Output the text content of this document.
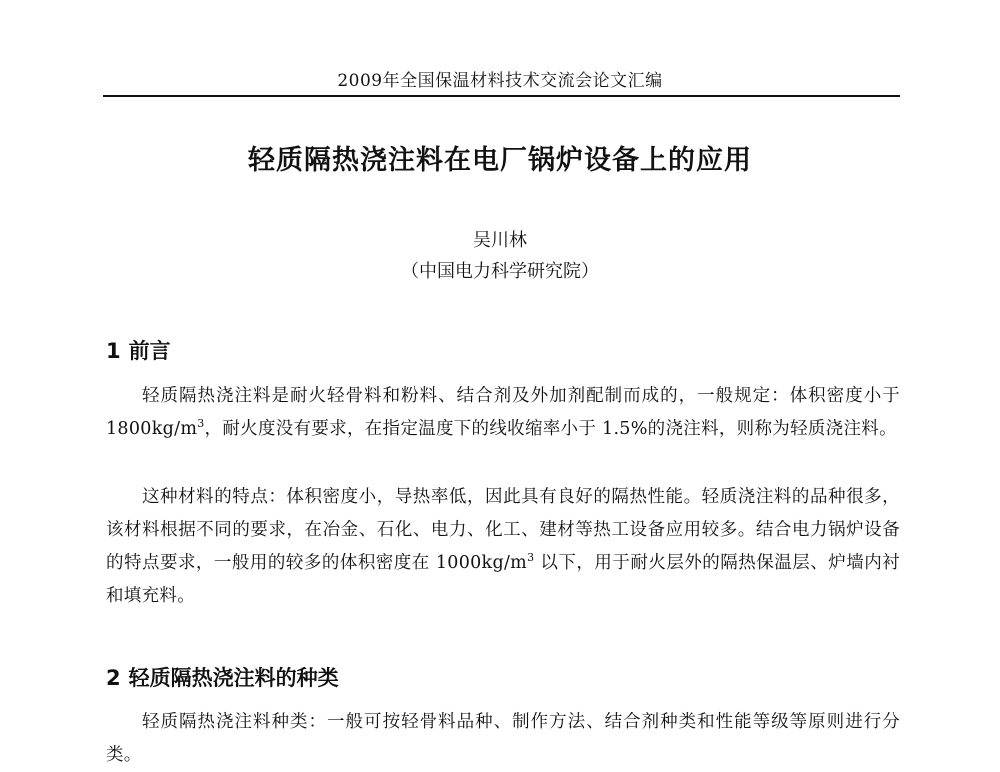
2009年全国保温材料技术交流会论文汇编
轻质隔热浇注料在电厂锅炉设备上的应用
吴川林
（中国电力科学研究院）
1 前言

轻质隔热浇注料是耐火轻骨料和粉料、结合剂及外加剂配制而成的，一般规定：体积密度小于 $1800kg/m^3$，耐火度没有要求，在指定温度下的线收缩率小于 1.5%的浇注料，则称为轻质浇注料。

这种材料的特点：体积密度小，导热率低，因此具有良好的隔热性能。轻质浇注料的品种很多，该材料根据不同的要求，在冶金、石化、电力、化工、建材等热工设备应用较多。结合电力锅炉设备的特点要求，一般用的较多的体积密度在 $1000kg/m^3$ 以下，用于耐火层外的隔热保温层、炉墙内衬和填充料。

2 轻质隔热浇注料的种类

轻质隔热浇注料种类：一般可按轻骨料品种、制作方法、结合剂种类和性能等级等原则进行分类。
